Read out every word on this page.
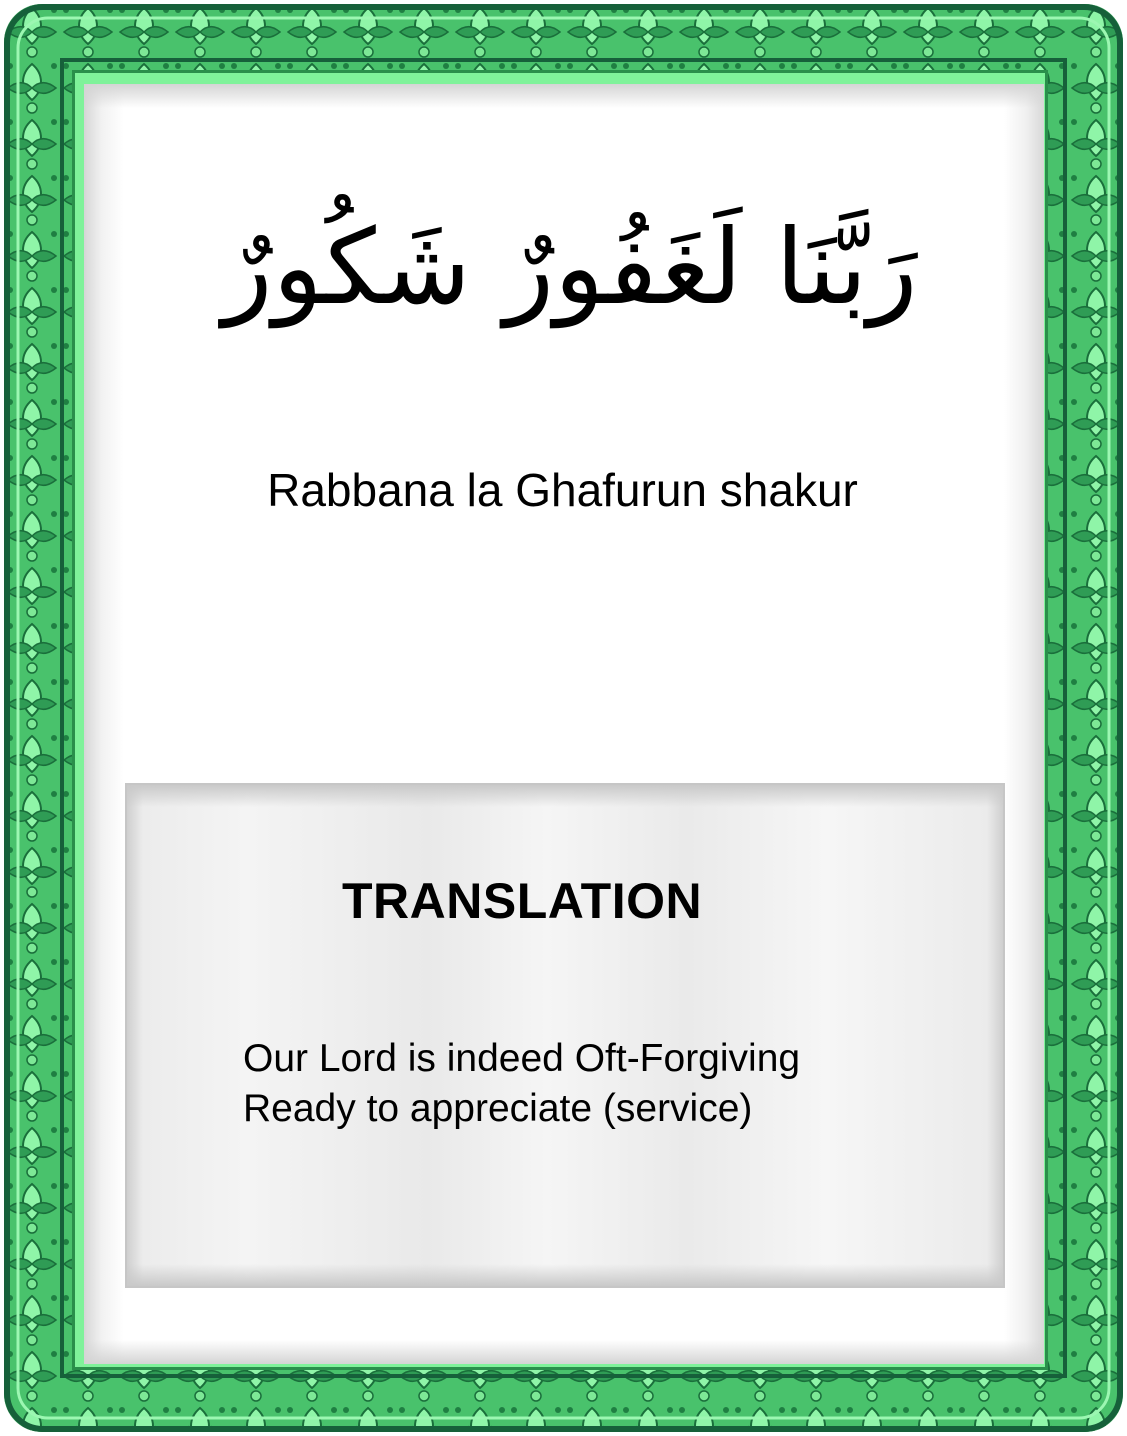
رَبَّنَا لَغَفُورٌ شَكُورٌ
Rabbana la Ghafurun shakur
TRANSLATION
Our Lord is indeed Oft-Forgiving
Ready to appreciate (service)
